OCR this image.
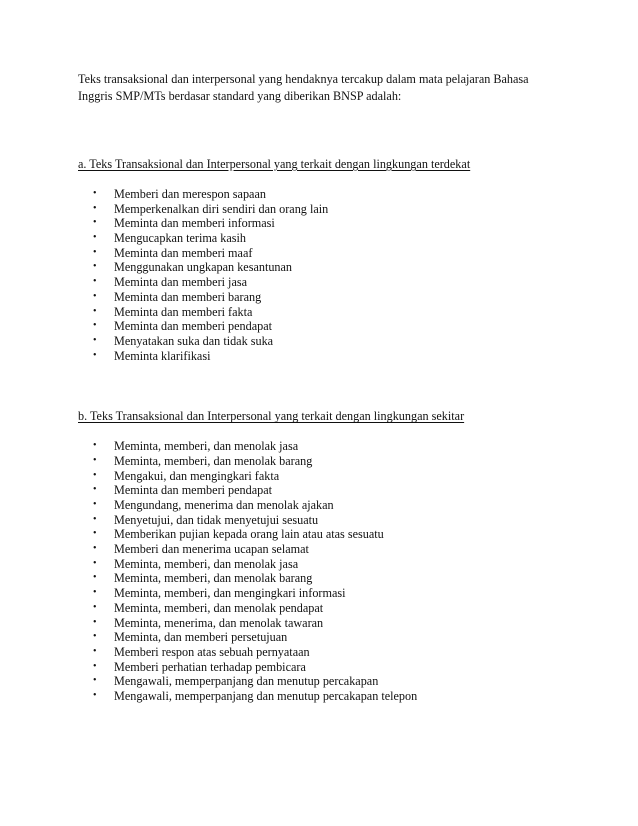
Teks transaksional dan interpersonal yang hendaknya tercakup dalam mata pelajaran Bahasa Inggris SMP/MTs berdasar standard yang diberikan BNSP adalah:

a. Teks Transaksional dan Interpersonal yang terkait dengan lingkungan terdekat

• Memberi dan merespon sapaan
• Memperkenalkan diri sendiri dan orang lain
• Meminta dan memberi informasi
• Mengucapkan terima kasih
• Meminta dan memberi maaf
• Menggunakan ungkapan kesantunan
• Meminta dan memberi jasa
• Meminta dan memberi barang
• Meminta dan memberi fakta
• Meminta dan memberi pendapat
• Menyatakan suka dan tidak suka
• Meminta klarifikasi

b. Teks Transaksional dan Interpersonal yang terkait dengan lingkungan sekitar

• Meminta, memberi, dan menolak jasa
• Meminta, memberi, dan menolak barang
• Mengakui, dan mengingkari fakta
• Meminta dan memberi pendapat
• Mengundang, menerima dan menolak ajakan
• Menyetujui, dan tidak menyetujui sesuatu
• Memberikan pujian kepada orang lain atau atas sesuatu
• Memberi dan menerima ucapan selamat
• Meminta, memberi, dan menolak jasa
• Meminta, memberi, dan menolak barang
• Meminta, memberi, dan mengingkari informasi
• Meminta, memberi, dan menolak pendapat
• Meminta, menerima, dan menolak tawaran
• Meminta, dan memberi persetujuan
• Memberi respon atas sebuah pernyataan
• Memberi perhatian terhadap pembicara
• Mengawali, memperpanjang dan menutup percakapan
• Mengawali, memperpanjang dan menutup percakapan telepon
